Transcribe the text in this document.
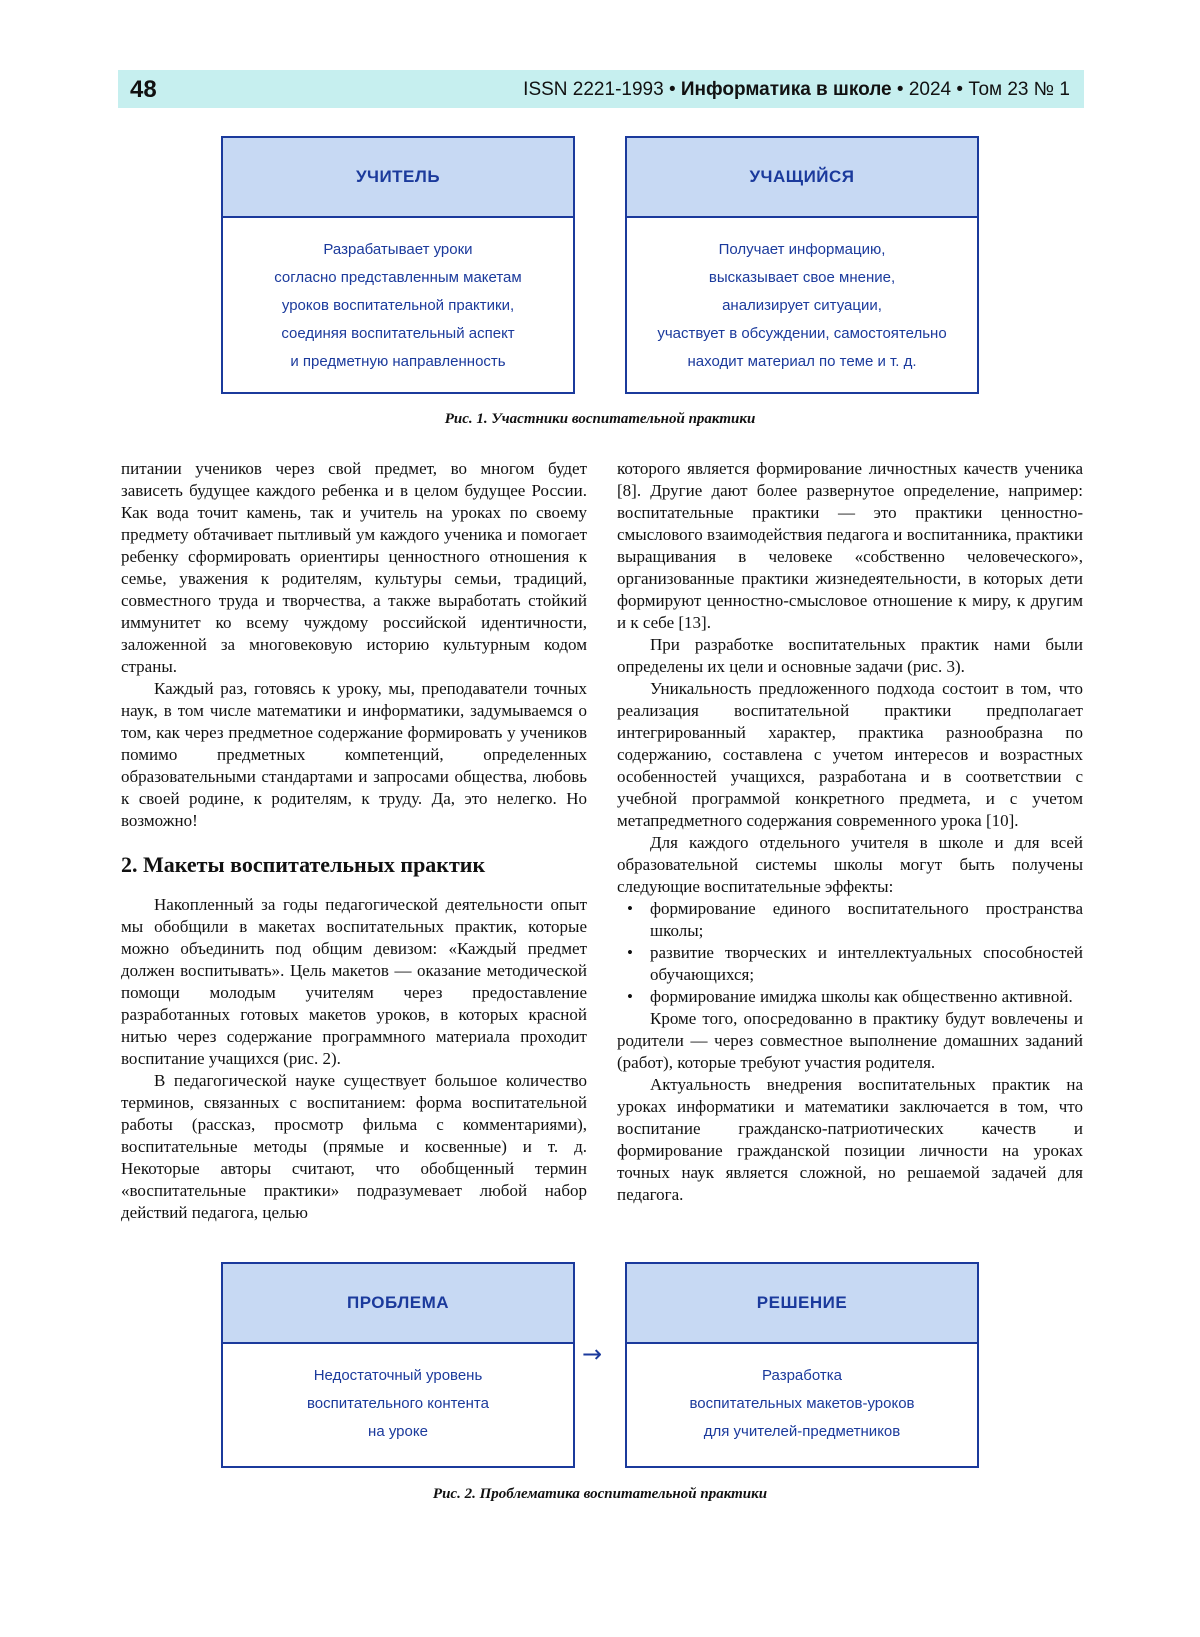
48	ISSN 2221-1993 • Информатика в школе • 2024 • Том 23 № 1
УЧИТЕЛЬ
Разрабатывает уроки
согласно представленным макетам
уроков воспитательной практики,
соединяя воспитательный аспект
и предметную направленность
УЧАЩИЙСЯ
Получает информацию,
высказывает свое мнение,
анализирует ситуации,
участвует в обсуждении, самостоятельно
находит материал по теме и т. д.
Рис. 1. Участники воспитательной практики

питании учеников через свой предмет, во многом будет зависеть будущее каждого ребенка и в целом будущее России. Как вода точит камень, так и учитель на уроках по своему предмету обтачивает пытливый ум каждого ученика и помогает ребенку сформировать ориентиры ценностного отношения к семье, уважения к родителям, культуры семьи, традиций, совместного труда и творчества, а также выработать стойкий иммунитет ко всему чуждому российской идентичности, заложенной за многовековую историю культурным кодом страны.

Каждый раз, готовясь к уроку, мы, преподаватели точных наук, в том числе математики и информатики, задумываемся о том, как через предметное содержание формировать у учеников помимо предметных компетенций, определенных образовательными стандартами и запросами общества, любовь к своей родине, к родителям, к труду. Да, это нелегко. Но возможно!

2. Макеты воспитательных практик

Накопленный за годы педагогической деятельности опыт мы обобщили в макетах воспитательных практик, которые можно объединить под общим девизом: «Каждый предмет должен воспитывать». Цель макетов — оказание методической помощи молодым учителям через предоставление разработанных готовых макетов уроков, в которых красной нитью через содержание программного материала проходит воспитание учащихся (рис. 2).

В педагогической науке существует большое количество терминов, связанных с воспитанием: форма воспитательной работы (рассказ, просмотр фильма с комментариями), воспитательные методы (прямые и косвенные) и т. д. Некоторые авторы считают, что обобщенный термин «воспитательные практики» подразумевает любой набор действий педагога, целью

которого является формирование личностных качеств ученика [8]. Другие дают более развернутое определение, например: воспитательные практики — это практики ценностно-смыслового взаимодействия педагога и воспитанника, практики выращивания в человеке «собственно человеческого», организованные практики жизнедеятельности, в которых дети формируют ценностно-смысловое отношение к миру, к другим и к себе [13].

При разработке воспитательных практик нами были определены их цели и основные задачи (рис. 3).

Уникальность предложенного подхода состоит в том, что реализация воспитательной практики предполагает интегрированный характер, практика разнообразна по содержанию, составлена с учетом интересов и возрастных особенностей учащихся, разработана и в соответствии с учебной программой конкретного предмета, и с учетом метапредметного содержания современного урока [10].

Для каждого отдельного учителя в школе и для всей образовательной системы школы могут быть получены следующие воспитательные эффекты:

• формирование единого воспитательного пространства школы;
• развитие творческих и интеллектуальных способностей обучающихся;
• формирование имиджа школы как общественно активной.

Кроме того, опосредованно в практику будут вовлечены и родители — через совместное выполнение домашних заданий (работ), которые требуют участия родителя.

Актуальность внедрения воспитательных практик на уроках информатики и математики заключается в том, что воспитание гражданско-патриотических качеств и формирование гражданской позиции личности на уроках точных наук является сложной, но решаемой задачей для педагога.

ПРОБЛЕМА
Недостаточный уровень
воспитательного контента
на уроке
→
РЕШЕНИЕ
Разработка
воспитательных макетов-уроков
для учителей-предметников
Рис. 2. Проблематика воспитательной практики
